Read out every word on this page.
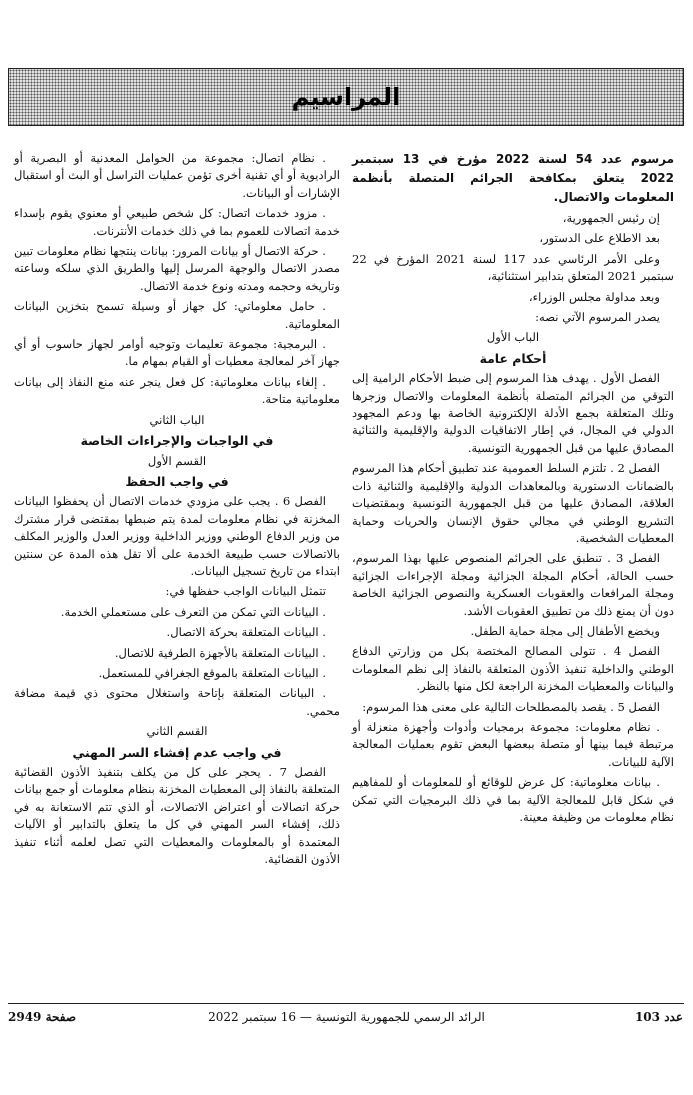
المراسيم

مرسوم عدد 54 لسنة 2022 مؤرخ في 13 سبتمبر 2022 يتعلق بمكافحة الجرائم المتصلة بأنظمة المعلومات والاتصال.

إن رئيس الجمهورية،

بعد الاطلاع على الدستور،

وعلى الأمر الرئاسي عدد 117 لسنة 2021 المؤرخ في 22 سبتمبر 2021 المتعلق بتدابير استثنائية،

وبعد مداولة مجلس الوزراء،

يصدر المرسوم الآتي نصه:

الباب الأول

أحكام عامة

الفصل الأول . يهدف هذا المرسوم إلى ضبط الأحكام الرامية إلى التوقي من الجرائم المتصلة بأنظمة المعلومات والاتصال وزجرها وتلك المتعلقة بجمع الأدلة الإلكترونية الخاصة بها ودعم المجهود الدولي في المجال، في إطار الاتفاقيات الدولية والإقليمية والثنائية المصادق عليها من قبل الجمهورية التونسية.

الفصل 2 . تلتزم السلط العمومية عند تطبيق أحكام هذا المرسوم بالضمانات الدستورية وبالمعاهدات الدولية والإقليمية والثنائية ذات العلاقة، المصادق عليها من قبل الجمهورية التونسية وبمقتضيات التشريع الوطني في مجالي حقوق الإنسان والحريات وحماية المعطيات الشخصية.

الفصل 3 . تنطبق على الجرائم المنصوص عليها بهذا المرسوم، حسب الحالة، أحكام المجلة الجزائية ومجلة الإجراءات الجزائية ومجلة المرافعات والعقوبات العسكرية والنصوص الجزائية الخاصة دون أن يمنع ذلك من تطبيق العقوبات الأشد.

ويخضع الأطفال إلى مجلة حماية الطفل.

الفصل 4 . تتولى المصالح المختصة بكل من وزارتي الدفاع الوطني والداخلية تنفيذ الأذون المتعلقة بالنفاذ إلى نظم المعلومات والبيانات والمعطيات المخزنة الراجعة لكل منها بالنظر.

الفصل 5 . يقصد بالمصطلحات التالية على معنى هذا المرسوم:

. نظام معلومات: مجموعة برمجيات وأدوات وأجهزة منعزلة أو مرتبطة فيما بينها أو متصلة ببعضها البعض تقوم بعمليات المعالجة الآلية للبيانات.

. بيانات معلوماتية: كل عرض للوقائع أو للمعلومات أو للمفاهيم في شكل قابل للمعالجة الآلية بما في ذلك البرمجيات التي تمكن نظام معلومات من وظيفة معينة.

. نظام اتصال: مجموعة من الحوامل المعدنية أو البصرية أو الراديوية أو أي تقنية أخرى تؤمن عمليات التراسل أو البث أو استقبال الإشارات أو البيانات.

. مزود خدمات اتصال: كل شخص طبيعي أو معنوي يقوم بإسداء خدمة اتصالات للعموم بما في ذلك خدمات الأنترنات.

. حركة الاتصال أو بيانات المرور: بيانات ينتجها نظام معلومات تبين مصدر الاتصال والوجهة المرسل إليها والطريق الذي سلكه وساعته وتاريخه وحجمه ومدته ونوع خدمة الاتصال.

. حامل معلوماتي: كل جهاز أو وسيلة تسمح بتخزين البيانات المعلوماتية.

. البرمجية: مجموعة تعليمات وتوجيه أوامر لجهاز حاسوب أو أي جهاز آخر لمعالجة معطيات أو القيام بمهام ما.

. إلغاء بيانات معلوماتية: كل فعل ينجر عنه منع النفاذ إلى بيانات معلوماتية متاحة.

الباب الثاني

في الواجبات والإجراءات الخاصة

القسم الأول

في واجب الحفظ

الفصل 6 . يجب على مزودي خدمات الاتصال أن يحفظوا البيانات المخزنة في نظام معلومات لمدة يتم ضبطها بمقتضى قرار مشترك من وزير الدفاع الوطني ووزير الداخلية ووزير العدل والوزير المكلف بالاتصالات حسب طبيعة الخدمة على ألا تقل هذه المدة عن سنتين ابتداء من تاريخ تسجيل البيانات.

تتمثل البيانات الواجب حفظها في:

. البيانات التي تمكن من التعرف على مستعملي الخدمة.

. البيانات المتعلقة بحركة الاتصال.

. البيانات المتعلقة بالأجهزة الطرفية للاتصال.

. البيانات المتعلقة بالموقع الجغرافي للمستعمل.

. البيانات المتعلقة بإتاحة واستغلال محتوى ذي قيمة مضافة محمي.

القسم الثاني

في واجب عدم إفشاء السر المهني

الفصل 7 . يحجر على كل من يكلف بتنفيذ الأذون القضائية المتعلقة بالنفاذ إلى المعطيات المخزنة بنظام معلومات أو جمع بيانات حركة اتصالات أو اعتراض الاتصالات، أو الذي تتم الاستعانة به في ذلك، إفشاء السر المهني في كل ما يتعلق بالتدابير أو الآليات المعتمدة أو بالمعلومات والمعطيات التي تصل لعلمه أثناء تنفيذ الأذون القضائية.

عدد 103
الرائد الرسمي للجمهورية التونسية — 16 سبتمبر 2022
صفحة 2949
